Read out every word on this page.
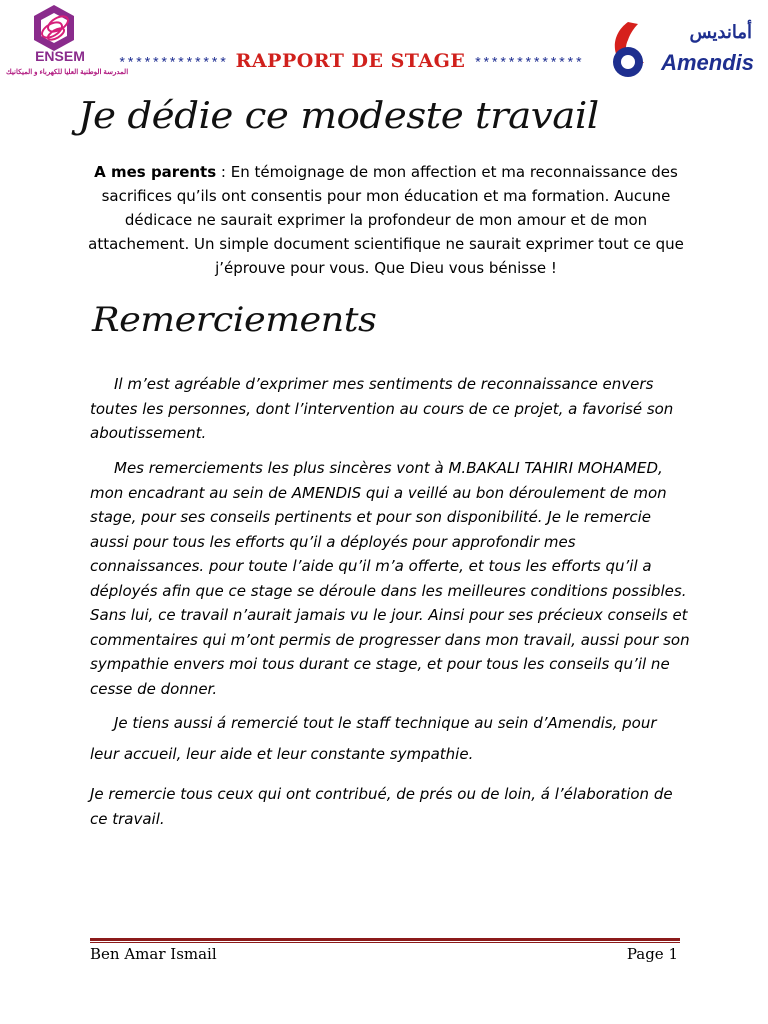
ENSEM
المدرسة الوطنية العليا للكهرباء و الميكانيك
************* RAPPORT DE STAGE *************
أمانديس
Amendis
Je dédie ce modeste travail
A mes parents : En témoignage de mon affection et ma reconnaissance des sacrifices qu’ils ont consentis pour mon éducation et ma formation. Aucune dédicace ne saurait exprimer la profondeur de mon amour et de mon attachement. Un simple document scientifique ne saurait exprimer tout ce que j’éprouve pour vous. Que Dieu vous bénisse !
Remerciements
Il m’est agréable d’exprimer mes sentiments de reconnaissance envers toutes les personnes, dont l’intervention au cours de ce projet, a favorisé son aboutissement.
Mes remerciements les plus sincères vont à M.BAKALI TAHIRI MOHAMED, mon encadrant au sein de AMENDIS qui a veillé au bon déroulement de mon stage, pour ses conseils pertinents et pour son disponibilité. Je le remercie aussi pour tous les efforts qu’il a déployés pour approfondir mes connaissances. pour toute l’aide qu’il m’a offerte, et tous les efforts qu’il a déployés afin que ce stage se déroule dans les meilleures conditions possibles. Sans lui, ce travail n’aurait jamais vu le jour. Ainsi pour ses précieux conseils et commentaires qui m’ont permis de progresser dans mon travail, aussi pour son sympathie envers moi tous durant ce stage, et pour tous les conseils qu’il ne cesse de donner.
Je tiens aussi á remercié tout le staff technique au sein d’Amendis, pour leur accueil, leur aide et leur constante sympathie.
Je remercie tous ceux qui ont contribué, de prés ou de loin, á l’élaboration de ce travail.
Ben Amar Ismail	Page 1
